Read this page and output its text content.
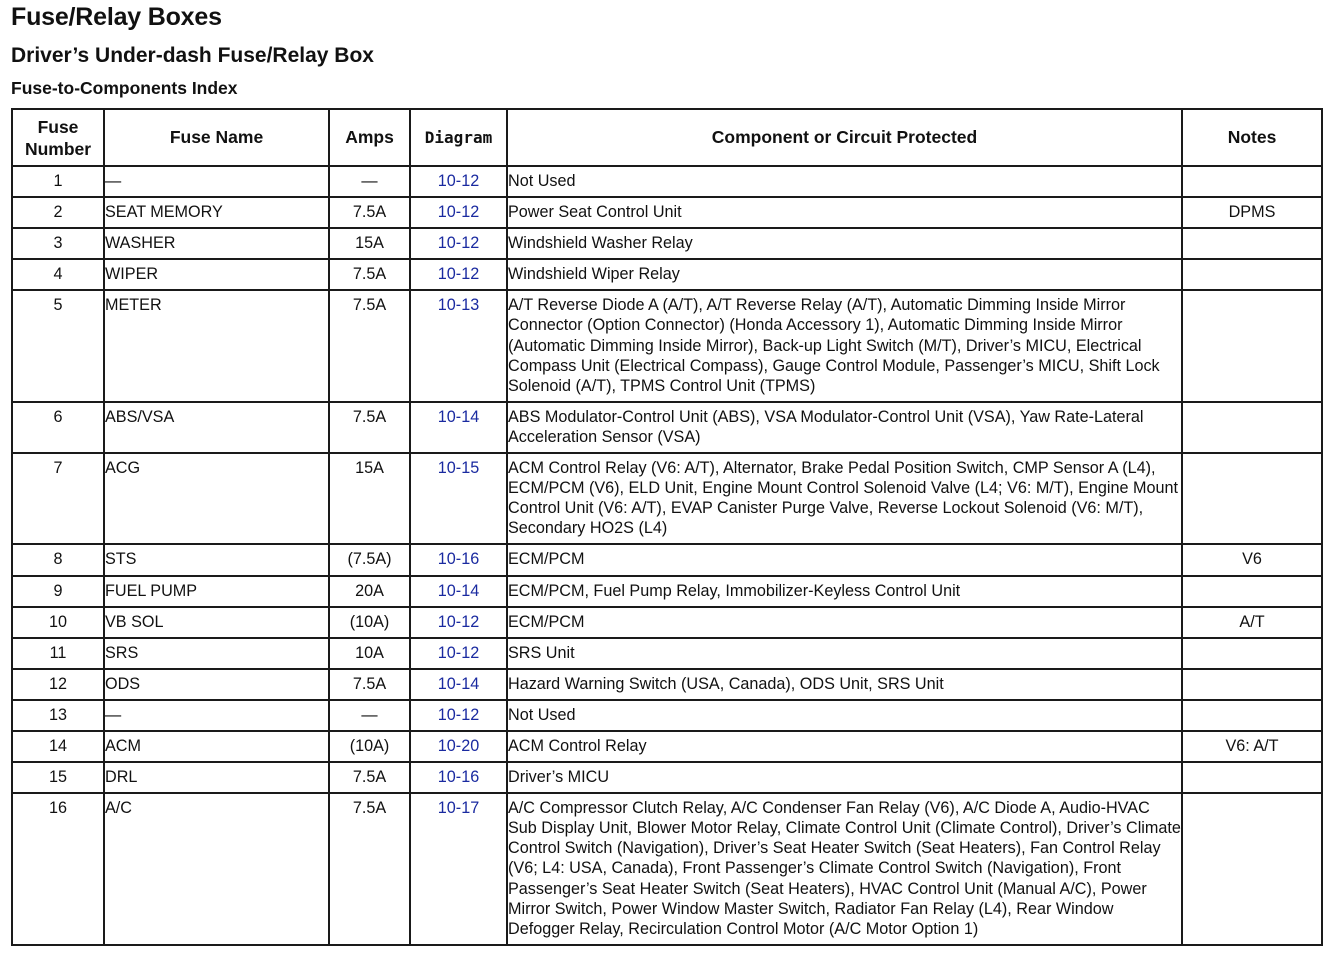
Fuse/Relay Boxes
Driver’s Under-dash Fuse/Relay Box
Fuse-to-Components Index
Fuse Number	Fuse Name	Amps	Diagram	Component or Circuit Protected	Notes
1	—	—	10-12	Not Used	
2	SEAT MEMORY	7.5A	10-12	Power Seat Control Unit	DPMS
3	WASHER	15A	10-12	Windshield Washer Relay	
4	WIPER	7.5A	10-12	Windshield Wiper Relay	
5	METER	7.5A	10-13	A/T Reverse Diode A (A/T), A/T Reverse Relay (A/T), Automatic Dimming Inside Mirror Connector (Option Connector) (Honda Accessory 1), Automatic Dimming Inside Mirror (Automatic Dimming Inside Mirror), Back-up Light Switch (M/T), Driver’s MICU, Electrical Compass Unit (Electrical Compass), Gauge Control Module, Passenger’s MICU, Shift Lock Solenoid (A/T), TPMS Control Unit (TPMS)	
6	ABS/VSA	7.5A	10-14	ABS Modulator-Control Unit (ABS), VSA Modulator-Control Unit (VSA), Yaw Rate-Lateral Acceleration Sensor (VSA)	
7	ACG	15A	10-15	ACM Control Relay (V6: A/T), Alternator, Brake Pedal Position Switch, CMP Sensor A (L4), ECM/PCM (V6), ELD Unit, Engine Mount Control Solenoid Valve (L4; V6: M/T), Engine Mount Control Unit (V6: A/T), EVAP Canister Purge Valve, Reverse Lockout Solenoid (V6: M/T), Secondary HO2S (L4)	
8	STS	(7.5A)	10-16	ECM/PCM	V6
9	FUEL PUMP	20A	10-14	ECM/PCM, Fuel Pump Relay, Immobilizer-Keyless Control Unit	
10	VB SOL	(10A)	10-12	ECM/PCM	A/T
11	SRS	10A	10-12	SRS Unit	
12	ODS	7.5A	10-14	Hazard Warning Switch (USA, Canada), ODS Unit, SRS Unit	
13	—	—	10-12	Not Used	
14	ACM	(10A)	10-20	ACM Control Relay	V6: A/T
15	DRL	7.5A	10-16	Driver’s MICU	
16	A/C	7.5A	10-17	A/C Compressor Clutch Relay, A/C Condenser Fan Relay (V6), A/C Diode A, Audio-HVAC Sub Display Unit, Blower Motor Relay, Climate Control Unit (Climate Control), Driver’s Climate Control Switch (Navigation), Driver’s Seat Heater Switch (Seat Heaters), Fan Control Relay (V6; L4: USA, Canada), Front Passenger’s Climate Control Switch (Navigation), Front Passenger’s Seat Heater Switch (Seat Heaters), HVAC Control Unit (Manual A/C), Power Mirror Switch, Power Window Master Switch, Radiator Fan Relay (L4), Rear Window Defogger Relay, Recirculation Control Motor (A/C Motor Option 1)	
